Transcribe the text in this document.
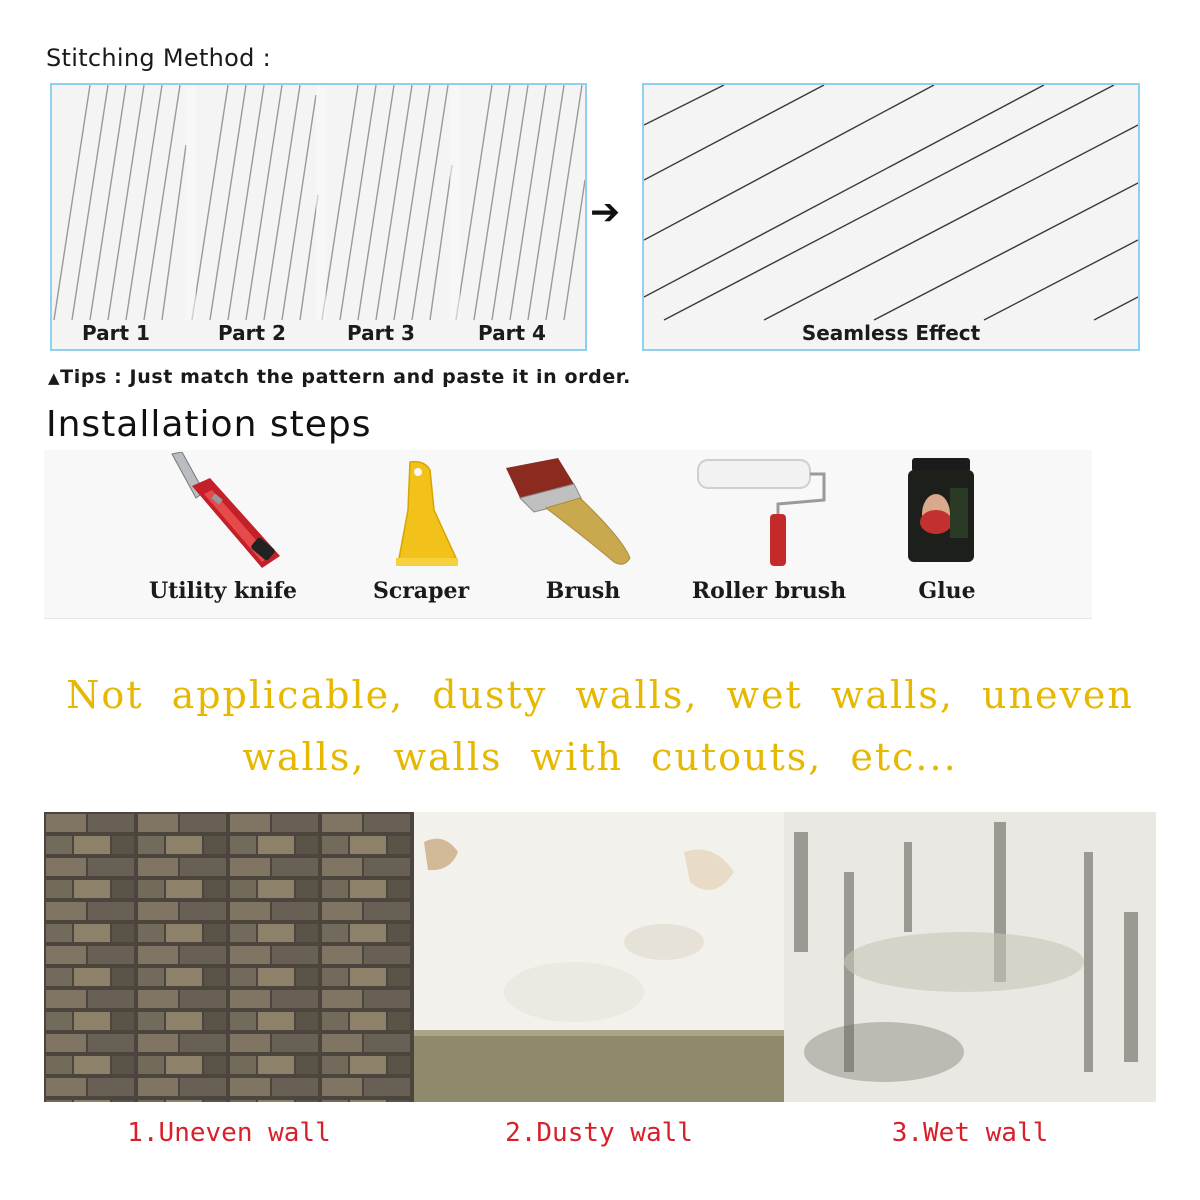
Stitching Method :
Part 1	Part 2	Part 3	Part 4
➔
Seamless Effect
▲Tips : Just match the pattern and paste it in order.
Installation steps
Utility knife	Scraper	Brush	Roller brush	Glue
Not applicable, dusty walls, wet walls, uneven
walls, walls with cutouts, etc...
1.Uneven wall	2.Dusty wall	3.Wet wall
